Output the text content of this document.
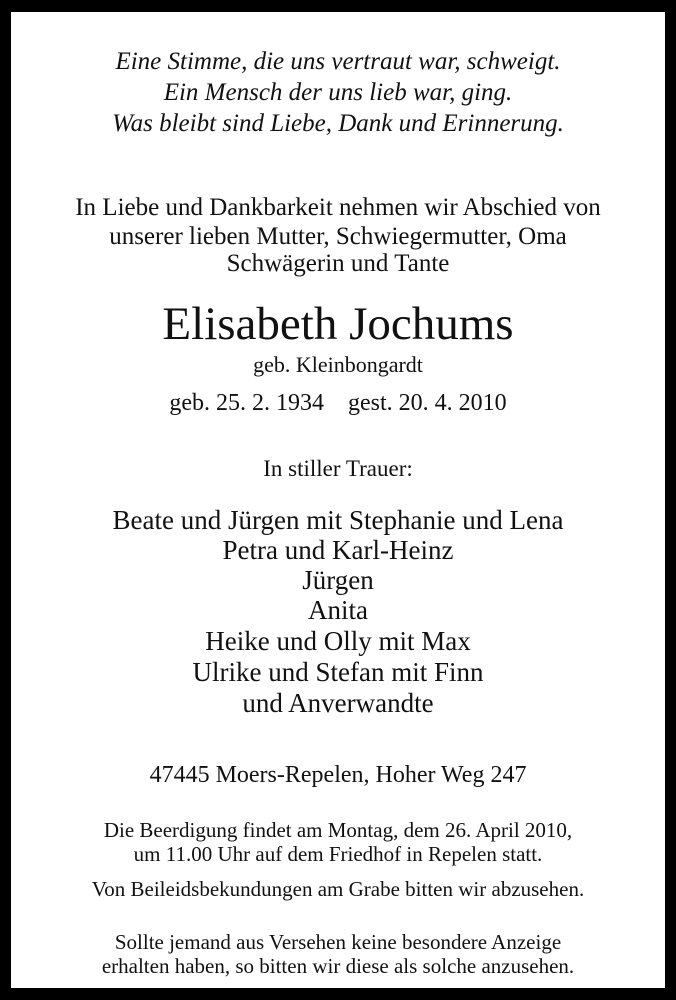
Eine Stimme, die uns vertraut war, schweigt.
Ein Mensch der uns lieb war, ging.
Was bleibt sind Liebe, Dank und Erinnerung.
In Liebe und Dankbarkeit nehmen wir Abschied von
unserer lieben Mutter, Schwiegermutter, Oma
Schwägerin und Tante
Elisabeth Jochums
geb. Kleinbongardt
geb. 25. 2. 1934 gest. 20. 4. 2010
In stiller Trauer:
Beate und Jürgen mit Stephanie und Lena
Petra und Karl-Heinz
Jürgen
Anita
Heike und Olly mit Max
Ulrike und Stefan mit Finn
und Anverwandte
47445 Moers-Repelen, Hoher Weg 247
Die Beerdigung findet am Montag, dem 26. April 2010,
um 11.00 Uhr auf dem Friedhof in Repelen statt.
Von Beileidsbekundungen am Grabe bitten wir abzusehen.
Sollte jemand aus Versehen keine besondere Anzeige
erhalten haben, so bitten wir diese als solche anzusehen.
